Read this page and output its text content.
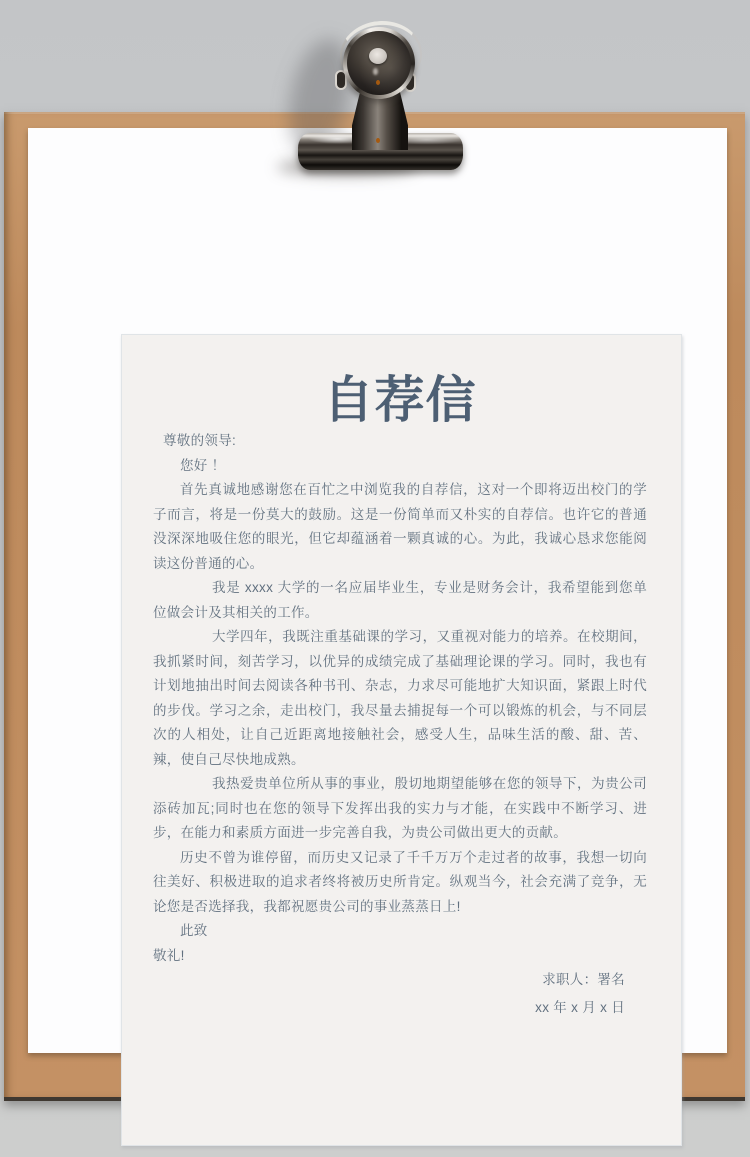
自荐信

尊敬的领导:

您好 ！

首先真诚地感谢您在百忙之中浏览我的自荐信，这对一个即将迈出校门的学子而言，将是一份莫大的鼓励。这是一份简单而又朴实的自荐信。也许它的普通没深深地吸住您的眼光，但它却蕴涵着一颗真诚的心。为此，我诚心恳求您能阅读这份普通的心。

我是 xxxx 大学的一名应届毕业生，专业是财务会计，我希望能到您单位做会计及其相关的工作。

大学四年，我既注重基础课的学习，又重视对能力的培养。在校期间，我抓紧时间，刻苦学习，以优异的成绩完成了基础理论课的学习。同时，我也有计划地抽出时间去阅读各种书刊、杂志，力求尽可能地扩大知识面，紧跟上时代的步伐。学习之余，走出校门，我尽量去捕捉每一个可以锻炼的机会，与不同层次的人相处，让自己近距离地接触社会，感受人生，品味生活的酸、甜、苦、辣，使自己尽快地成熟。

我热爱贵单位所从事的事业，殷切地期望能够在您的领导下，为贵公司添砖加瓦;同时也在您的领导下发挥出我的实力与才能，在实践中不断学习、进步，在能力和素质方面进一步完善自我，为贵公司做出更大的贡献。

历史不曾为谁停留，而历史又记录了千千万万个走过者的故事，我想一切向往美好、积极进取的追求者终将被历史所肯定。纵观当今，社会充满了竞争，无论您是否选择我，我都祝愿贵公司的事业蒸蒸日上!

此致

敬礼!

求职人：署名

xx 年 x 月 x 日
